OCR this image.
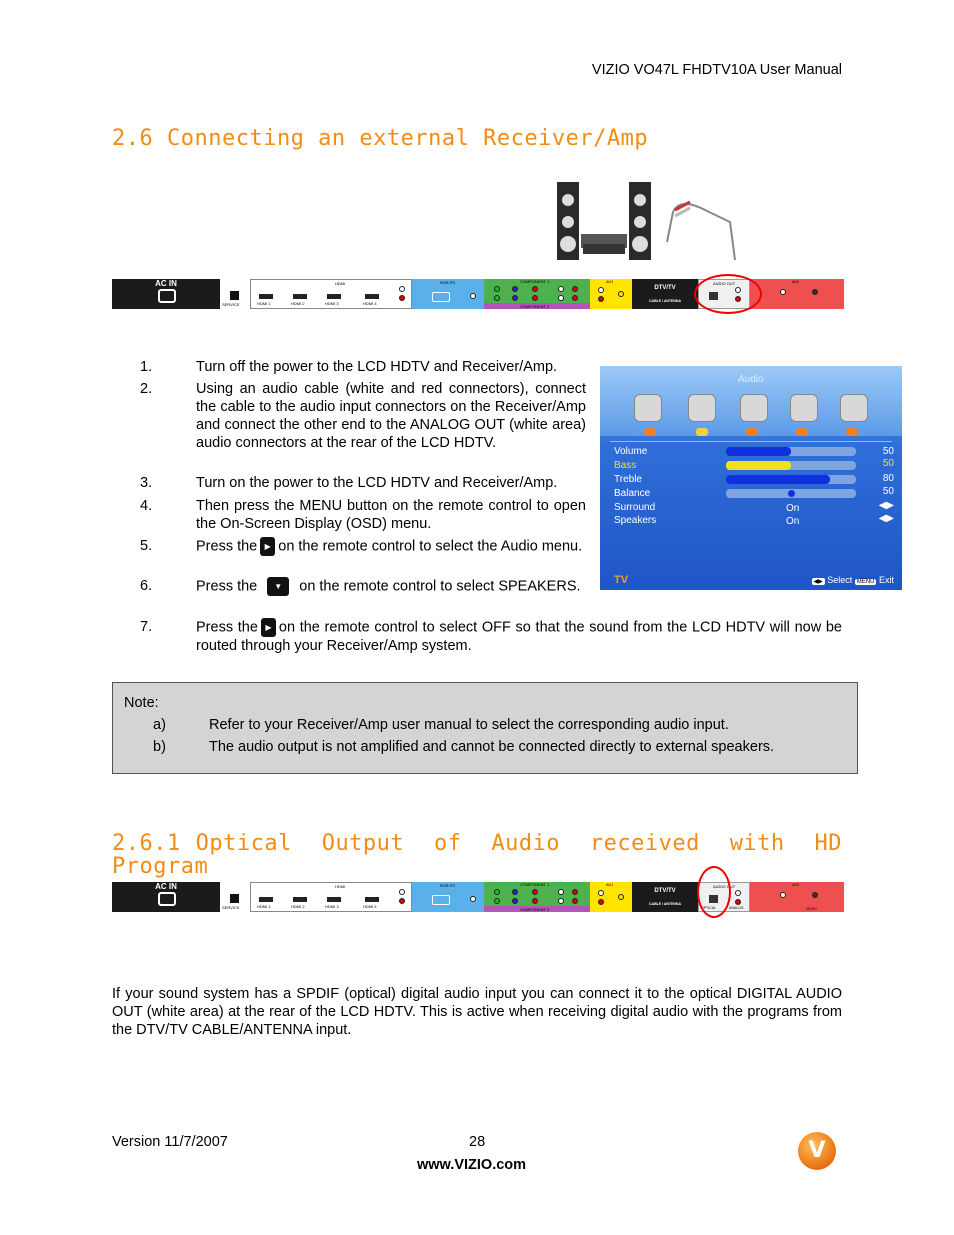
VIZIO VO47L FHDTV10A User Manual
2.6 Connecting an external Receiver/Amp
AC IN
SERVICE
HDMI
HDMI 1	HDMI 2	HDMI 3	HDMI 4
RGB PC	COMPONENT 1
COMPONENT 2
AV1
DTV/TV
CABLE / ANTENNA
AUDIO OUT	AV2
1.	Turn off the power to the LCD HDTV and Receiver/Amp.
2.	Using an audio cable (white and red connectors), connect the cable to the audio input connectors on the Receiver/Amp and connect the other end to the ANALOG OUT (white area) audio connectors at the rear of the LCD HDTV.
3.	Turn on the power to the LCD HDTV and Receiver/Amp.
4.	Then press the MENU button on the remote control to open the On-Screen Display (OSD) menu.
5.	Press the ▶ on the remote control to select the Audio menu.
6.	Press the ▼ on the remote control to select SPEAKERS.
7.	Press the ▶ on the remote control to select OFF so that the sound from the LCD HDTV will now be routed through your Receiver/Amp system.
Audio
Volume	50
Bass	50
Treble	80
Balance	50
Surround	On	◀▶
Speakers	On	◀▶
TV	◀▶ Select MENU Exit
Note:
a)	Refer to your Receiver/Amp user manual to select the corresponding audio input.
b)	The audio output is not amplified and cannot be connected directly to external speakers.
2.6.1 Optical  Output  of  Audio  received  with  HD
Program
AC IN
SERVICE
HDMI
HDMI 1	HDMI 2	HDMI 3	HDMI 4
RGB PC	COMPONENT 1
COMPONENT 2
AV1
DTV/TV
CABLE / ANTENNA
AUDIO OUT
OPTICAL	ANALOG
AV2
VIDEO
If your sound system has a SPDIF (optical) digital audio input you can connect it to the optical DIGITAL AUDIO OUT (white area) at the rear of the LCD HDTV. This is active when receiving digital audio with the programs from the DTV/TV CABLE/ANTENNA input.
Version 11/7/2007	28
www.VIZIO.com
V
